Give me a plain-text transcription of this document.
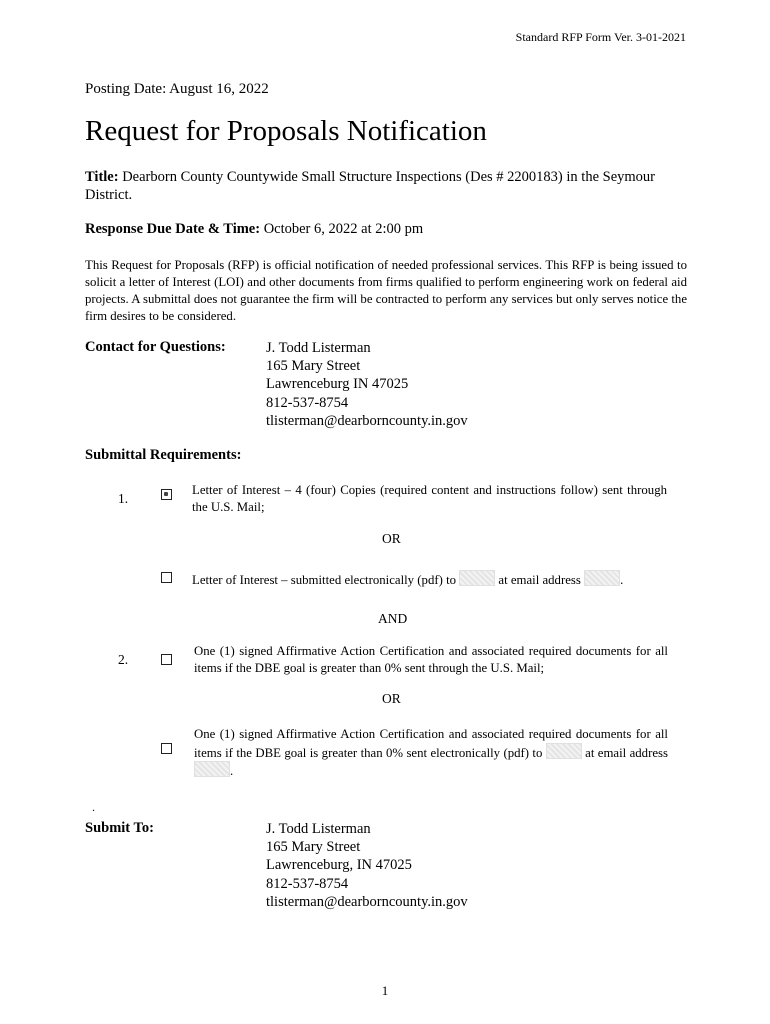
Standard RFP Form Ver. 3-01-2021
Posting Date: August 16, 2022
Request for Proposals Notification
Title: Dearborn County Countywide Small Structure Inspections (Des # 2200183) in the Seymour District.
Response Due Date & Time: October 6, 2022 at 2:00 pm
This Request for Proposals (RFP) is official notification of needed professional services. This RFP is being issued to solicit a letter of Interest (LOI) and other documents from firms qualified to perform engineering work on federal aid projects. A submittal does not guarantee the firm will be contracted to perform any services but only serves notice the firm desires to be considered.
Contact for Questions:	J. Todd Listerman
165 Mary Street
Lawrenceburg IN 47025
812-537-8754
tlisterman@dearborncounty.in.gov
Submittal Requirements:
1.
Letter of Interest – 4 (four) Copies (required content and instructions follow) sent through the U.S. Mail;
OR
Letter of Interest – submitted electronically (pdf) to	at email address	.
AND
2.
One (1) signed Affirmative Action Certification and associated required documents for all items if the DBE goal is greater than 0% sent through the U.S. Mail;
OR
One (1) signed Affirmative Action Certification and associated required documents for all items if the DBE goal is greater than 0% sent electronically (pdf) to	at email address .
.
Submit To:	J. Todd Listerman
165 Mary Street
Lawrenceburg, IN 47025
812-537-8754
tlisterman@dearborncounty.in.gov
1
